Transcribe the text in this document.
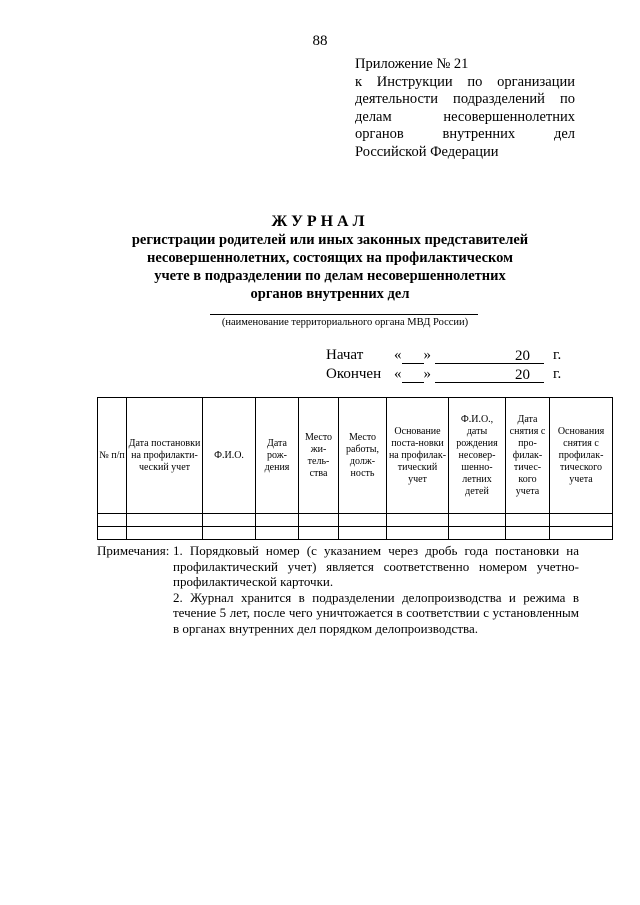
88
Приложение № 21
к Инструкции по организации
деятельности подразделений по
делам несовершеннолетних
органов внутренних дел
Российской Федерации
ЖУРНАЛ
регистрации родителей или иных законных представителей
несовершеннолетних, состоящих на профилактическом
учете в подразделении по делам несовершеннолетних
органов внутренних дел
(наименование территориального органа МВД России)
Начат « »	20 г.
Окончен « »	20 г.
№ п/п	Дата постановки на профилакти-ческий учет	Ф.И.О.	Дата рож-дения	Место жи-тель-ства	Место работы, долж-ность	Основание поста-новки на профилак-тический учет	Ф.И.О., даты рождения несовер-шенно-летних детей	Дата снятия с про-филак-тичес-кого учета	Основания снятия с профилак-тического учета

Примечания: 1. Порядковый номер (с указанием через дробь года постановки на профилактический учет) является соответственно номером учетно-профилактической карточки.
2. Журнал хранится в подразделении делопроизводства и режима в течение 5 лет, после чего уничтожается в соответствии с установленным в органах внутренних дел порядком делопроизводства.
